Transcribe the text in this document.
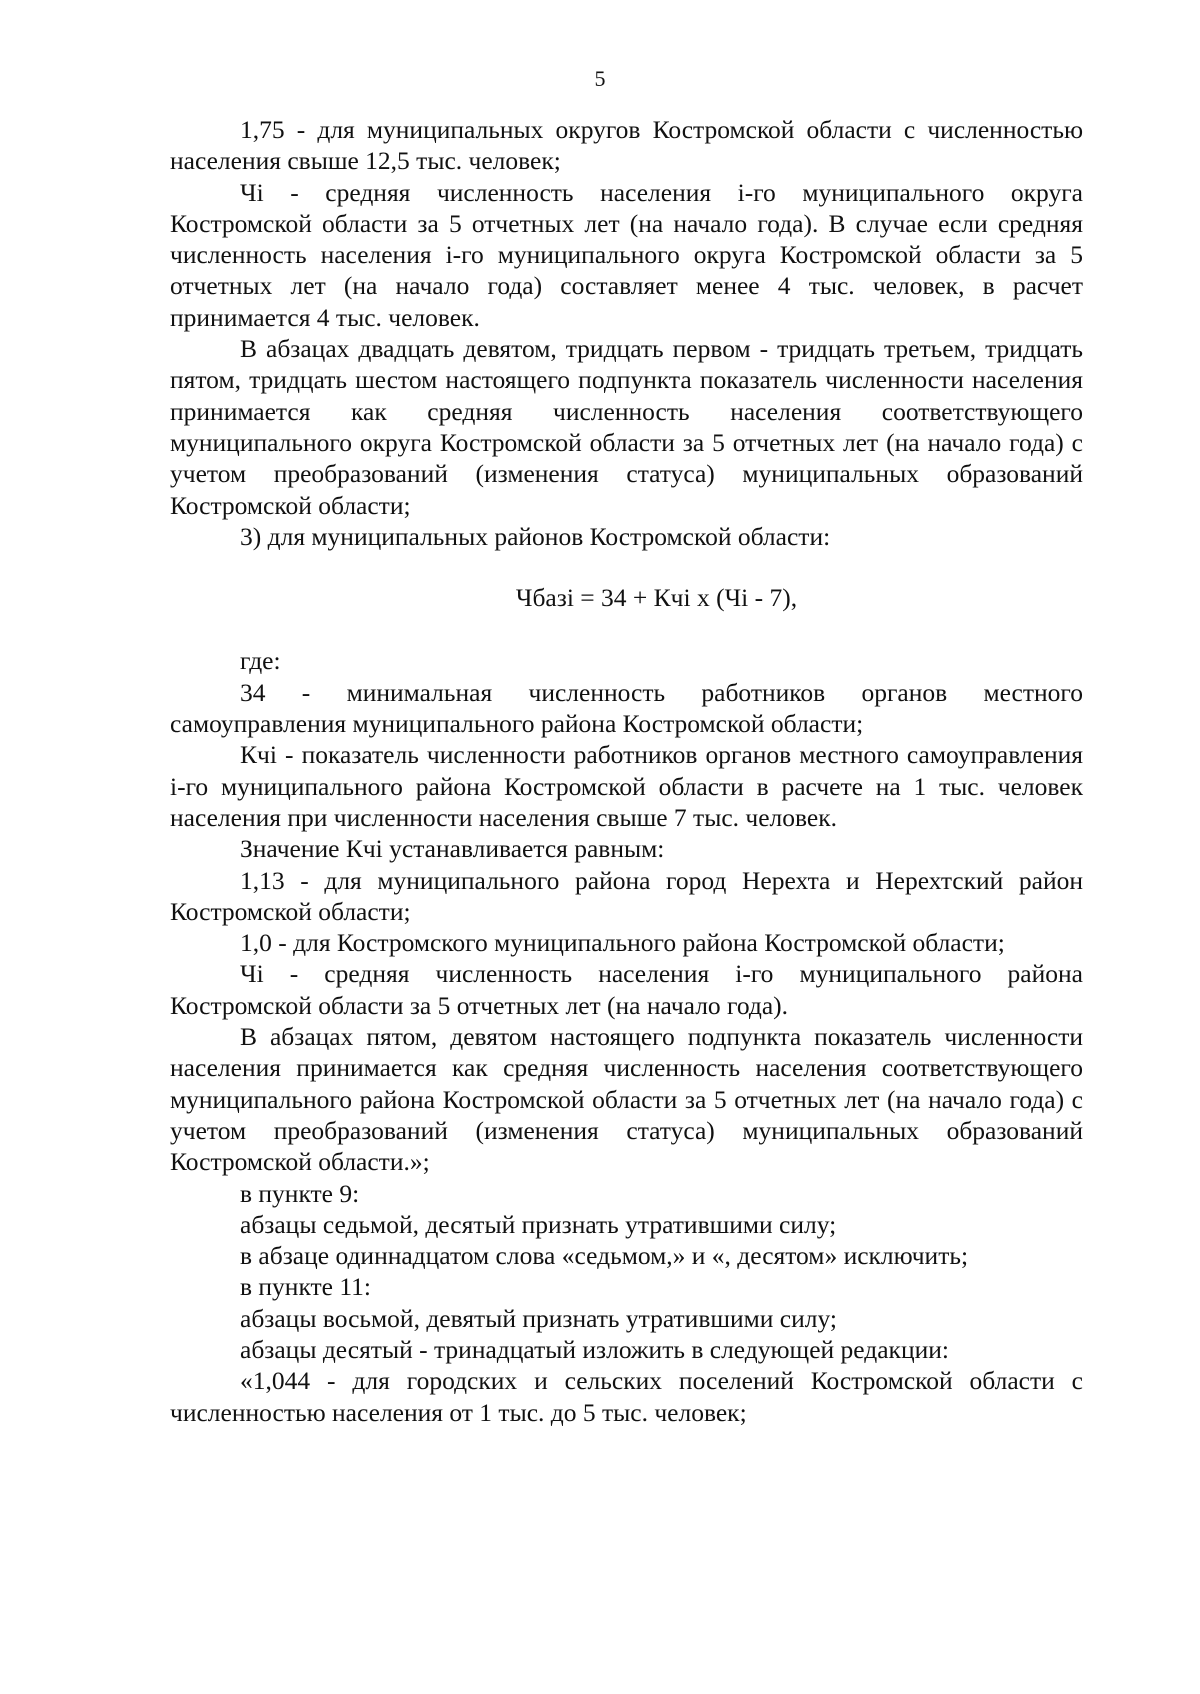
5

1,75 - для муниципальных округов Костромской области с численностью населения свыше 12,5 тыс. человек;

Чi - средняя численность населения i-го муниципального округа Костромской области за 5 отчетных лет (на начало года). В случае если средняя численность населения i-го муниципального округа Костромской области за 5 отчетных лет (на начало года) составляет менее 4 тыс. человек, в расчет принимается 4 тыс. человек.

В абзацах двадцать девятом, тридцать первом - тридцать третьем, тридцать пятом, тридцать шестом настоящего подпункта показатель численности населения принимается как средняя численность населения соответствующего муниципального округа Костромской области за 5 отчетных лет (на начало года) с учетом преобразований (изменения статуса) муниципальных образований Костромской области;

3) для муниципальных районов Костромской области:

Чбазi = 34 + Кчi х (Чi - 7),

где:

34 - минимальная численность работников органов местного самоуправления муниципального района Костромской области;

Кчi - показатель численности работников органов местного самоуправления i-го муниципального района Костромской области в расчете на 1 тыс. человек населения при численности населения свыше 7 тыс. человек.

Значение Кчi устанавливается равным:

1,13 - для муниципального района город Нерехта и Нерехтский район Костромской области;

1,0 - для Костромского муниципального района Костромской области;

Чi - средняя численность населения i-го муниципального района Костромской области за 5 отчетных лет (на начало года).

В абзацах пятом, девятом настоящего подпункта показатель численности населения принимается как средняя численность населения соответствующего муниципального района Костромской области за 5 отчетных лет (на начало года) с учетом преобразований (изменения статуса) муниципальных образований Костромской области.»;

в пункте 9:

абзацы седьмой, десятый признать утратившими силу;

в абзаце одиннадцатом слова «седьмом,» и «, десятом» исключить;

в пункте 11:

абзацы восьмой, девятый признать утратившими силу;

абзацы десятый - тринадцатый изложить в следующей редакции:

«1,044 - для городских и сельских поселений Костромской области с численностью населения от 1 тыс. до 5 тыс. человек;
